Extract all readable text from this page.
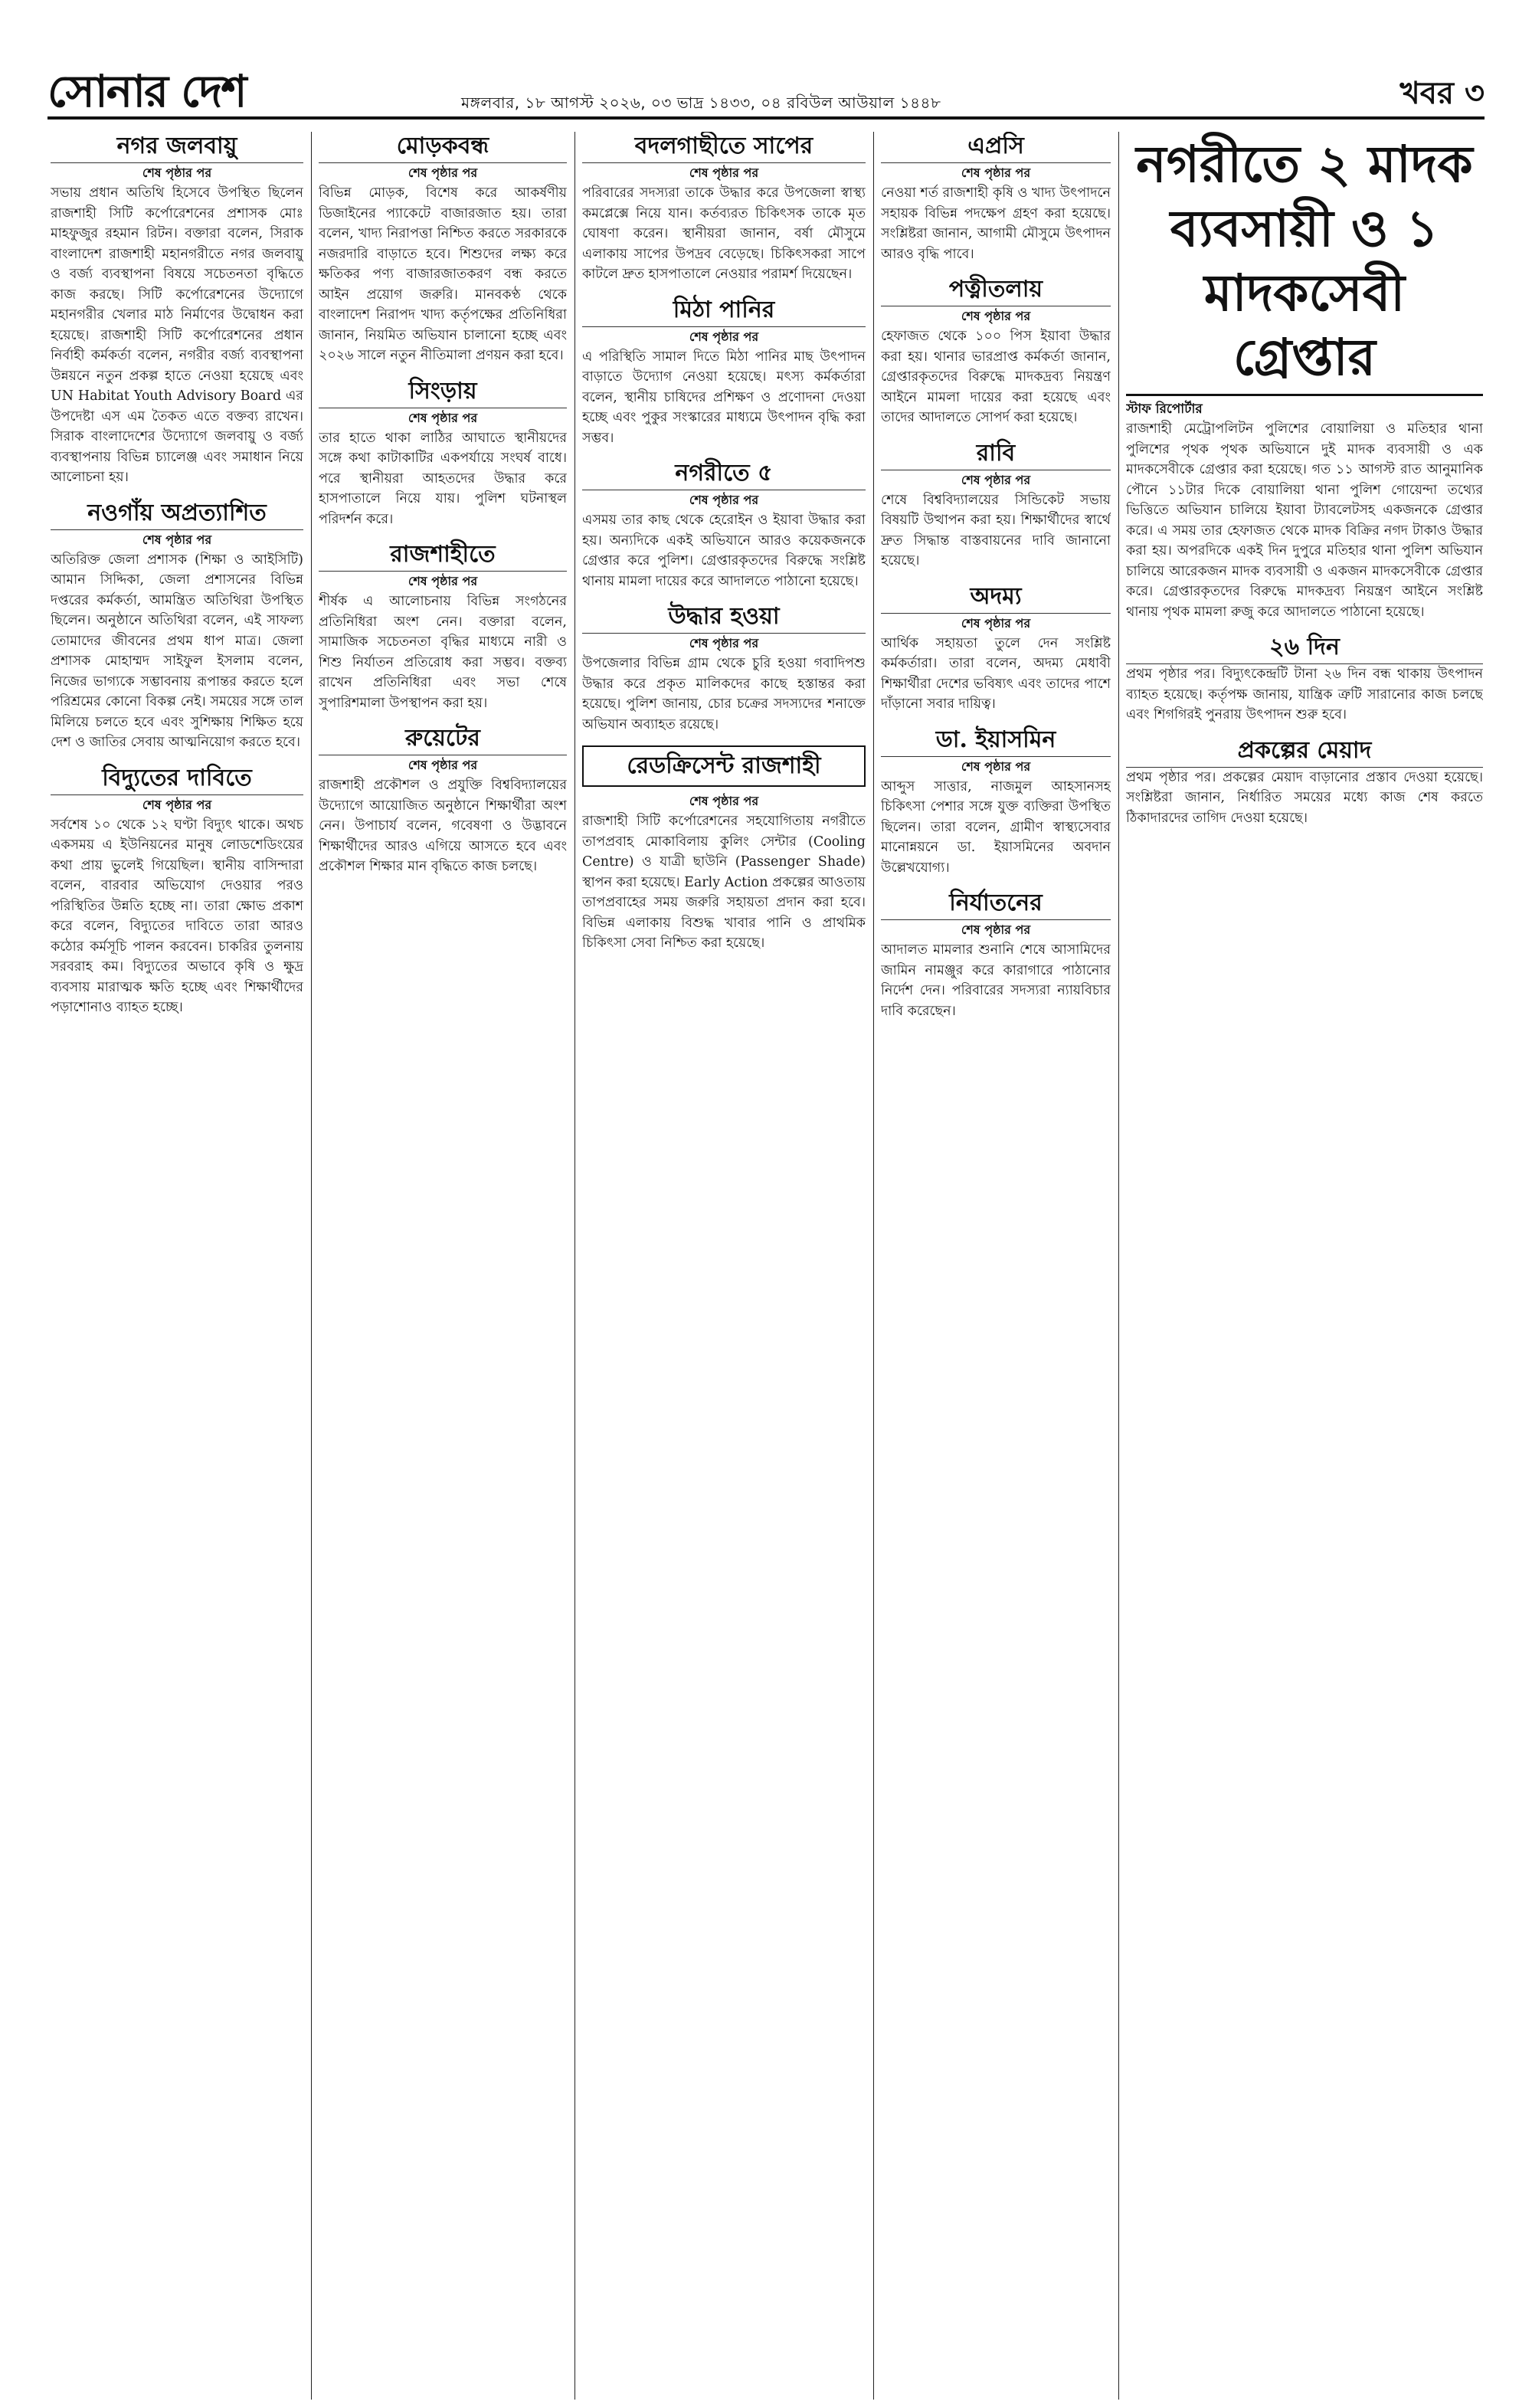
সোনার দেশ	মঙ্গলবার, ১৮ আগস্ট ২০২৬, ০৩ ভাদ্র ১৪৩৩, ০৪ রবিউল আউয়াল ১৪৪৮	খবর ৩
নগর জলবায়ু
শেষ পৃষ্ঠার পর
সভায় প্রধান অতিথি হিসেবে উপস্থিত ছিলেন রাজশাহী সিটি কর্পোরেশনের প্রশাসক মোঃ মাহফুজুর রহমান রিটন। বক্তারা বলেন, সিরাক বাংলাদেশ রাজশাহী মহানগরীতে নগর জলবায়ু ও বর্জ্য ব্যবস্থাপনা বিষয়ে সচেতনতা বৃদ্ধিতে কাজ করছে। সিটি কর্পোরেশনের উদ্যোগে মহানগরীর খেলার মাঠ নির্মাণের উদ্বোধন করা হয়েছে। রাজশাহী সিটি কর্পোরেশনের প্রধান নির্বাহী কর্মকর্তা বলেন, নগরীর বর্জ্য ব্যবস্থাপনা উন্নয়নে নতুন প্রকল্প হাতে নেওয়া হয়েছে এবং UN Habitat Youth Advisory Board এর উপদেষ্টা এস এম তৈকত এতে বক্তব্য রাখেন। সিরাক বাংলাদেশের উদ্যোগে জলবায়ু ও বর্জ্য ব্যবস্থাপনায় বিভিন্ন চ্যালেঞ্জ এবং সমাধান নিয়ে আলোচনা হয়।
নওগাঁয় অপ্রত্যাশিত
শেষ পৃষ্ঠার পর
অতিরিক্ত জেলা প্রশাসক (শিক্ষা ও আইসিটি) আমান সিদ্দিকা, জেলা প্রশাসনের বিভিন্ন দপ্তরের কর্মকর্তা, আমন্ত্রিত অতিথিরা উপস্থিত ছিলেন। অনুষ্ঠানে অতিথিরা বলেন, এই সাফল্য তোমাদের জীবনের প্রথম ধাপ মাত্র। জেলা প্রশাসক মোহাম্মদ সাইফুল ইসলাম বলেন, নিজের ভাগ্যকে সম্ভাবনায় রূপান্তর করতে হলে পরিশ্রমের কোনো বিকল্প নেই। সময়ের সঙ্গে তাল মিলিয়ে চলতে হবে এবং সুশিক্ষায় শিক্ষিত হয়ে দেশ ও জাতির সেবায় আত্মনিয়োগ করতে হবে।
বিদ্যুতের দাবিতে
শেষ পৃষ্ঠার পর
সর্বশেষ ১০ থেকে ১২ ঘণ্টা বিদ্যুৎ থাকে। অথচ একসময় এ ইউনিয়নের মানুষ লোডশেডিংয়ের কথা প্রায় ভুলেই গিয়েছিল। স্থানীয় বাসিন্দারা বলেন, বারবার অভিযোগ দেওয়ার পরও পরিস্থিতির উন্নতি হচ্ছে না। তারা ক্ষোভ প্রকাশ করে বলেন, বিদ্যুতের দাবিতে তারা আরও কঠোর কর্মসূচি পালন করবেন। চাকরির তুলনায় সরবরাহ কম। বিদ্যুতের অভাবে কৃষি ও ক্ষুদ্র ব্যবসায় মারাত্মক ক্ষতি হচ্ছে এবং শিক্ষার্থীদের পড়াশোনাও ব্যাহত হচ্ছে।
মোড়কবন্ধ
শেষ পৃষ্ঠার পর
বিভিন্ন মোড়ক, বিশেষ করে আকর্ষণীয় ডিজাইনের প্যাকেটে বাজারজাত হয়। তারা বলেন, খাদ্য নিরাপত্তা নিশ্চিত করতে সরকারকে নজরদারি বাড়াতে হবে। শিশুদের লক্ষ্য করে ক্ষতিকর পণ্য বাজারজাতকরণ বন্ধ করতে আইন প্রয়োগ জরুরি। মানবকণ্ঠ থেকে বাংলাদেশ নিরাপদ খাদ্য কর্তৃপক্ষের প্রতিনিধিরা জানান, নিয়মিত অভিযান চালানো হচ্ছে এবং ২০২৬ সালে নতুন নীতিমালা প্রণয়ন করা হবে।
সিংড়ায়
শেষ পৃষ্ঠার পর
তার হাতে থাকা লাঠির আঘাতে স্থানীয়দের সঙ্গে কথা কাটাকাটির একপর্যায়ে সংঘর্ষ বাধে। পরে স্থানীয়রা আহতদের উদ্ধার করে হাসপাতালে নিয়ে যায়। পুলিশ ঘটনাস্থল পরিদর্শন করে।
রাজশাহীতে
শেষ পৃষ্ঠার পর
শীর্ষক এ আলোচনায় বিভিন্ন সংগঠনের প্রতিনিধিরা অংশ নেন। বক্তারা বলেন, সামাজিক সচেতনতা বৃদ্ধির মাধ্যমে নারী ও শিশু নির্যাতন প্রতিরোধ করা সম্ভব। বক্তব্য রাখেন প্রতিনিধিরা এবং সভা শেষে সুপারিশমালা উপস্থাপন করা হয়।
রুয়েটের
শেষ পৃষ্ঠার পর
রাজশাহী প্রকৌশল ও প্রযুক্তি বিশ্ববিদ্যালয়ের উদ্যোগে আয়োজিত অনুষ্ঠানে শিক্ষার্থীরা অংশ নেন। উপাচার্য বলেন, গবেষণা ও উদ্ভাবনে শিক্ষার্থীদের আরও এগিয়ে আসতে হবে এবং প্রকৌশল শিক্ষার মান বৃদ্ধিতে কাজ চলছে।
বদলগাছীতে সাপের
শেষ পৃষ্ঠার পর
পরিবারের সদস্যরা তাকে উদ্ধার করে উপজেলা স্বাস্থ্য কমপ্লেক্সে নিয়ে যান। কর্তব্যরত চিকিৎসক তাকে মৃত ঘোষণা করেন। স্থানীয়রা জানান, বর্ষা মৌসুমে এলাকায় সাপের উপদ্রব বেড়েছে। চিকিৎসকরা সাপে কাটলে দ্রুত হাসপাতালে নেওয়ার পরামর্শ দিয়েছেন।
মিঠা পানির
শেষ পৃষ্ঠার পর
এ পরিস্থিতি সামাল দিতে মিঠা পানির মাছ উৎপাদন বাড়াতে উদ্যোগ নেওয়া হয়েছে। মৎস্য কর্মকর্তারা বলেন, স্থানীয় চাষিদের প্রশিক্ষণ ও প্রণোদনা দেওয়া হচ্ছে এবং পুকুর সংস্কারের মাধ্যমে উৎপাদন বৃদ্ধি করা সম্ভব।
নগরীতে ৫
শেষ পৃষ্ঠার পর
এসময় তার কাছ থেকে হেরোইন ও ইয়াবা উদ্ধার করা হয়। অন্যদিকে একই অভিযানে আরও কয়েকজনকে গ্রেপ্তার করে পুলিশ। গ্রেপ্তারকৃতদের বিরুদ্ধে সংশ্লিষ্ট থানায় মামলা দায়ের করে আদালতে পাঠানো হয়েছে।
উদ্ধার হওয়া
শেষ পৃষ্ঠার পর
উপজেলার বিভিন্ন গ্রাম থেকে চুরি হওয়া গবাদিপশু উদ্ধার করে প্রকৃত মালিকদের কাছে হস্তান্তর করা হয়েছে। পুলিশ জানায়, চোর চক্রের সদস্যদের শনাক্তে অভিযান অব্যাহত রয়েছে।
রেডক্রিসেন্ট রাজশাহী
শেষ পৃষ্ঠার পর
রাজশাহী সিটি কর্পোরেশনের সহযোগিতায় নগরীতে তাপপ্রবাহ মোকাবিলায় কুলিং সেন্টার (Cooling Centre) ও যাত্রী ছাউনি (Passenger Shade) স্থাপন করা হয়েছে। Early Action প্রকল্পের আওতায় তাপপ্রবাহের সময় জরুরি সহায়তা প্রদান করা হবে। বিভিন্ন এলাকায় বিশুদ্ধ খাবার পানি ও প্রাথমিক চিকিৎসা সেবা নিশ্চিত করা হয়েছে।
এপ্রসি
শেষ পৃষ্ঠার পর
নেওয়া শর্ত রাজশাহী কৃষি ও খাদ্য উৎপাদনে সহায়ক বিভিন্ন পদক্ষেপ গ্রহণ করা হয়েছে। সংশ্লিষ্টরা জানান, আগামী মৌসুমে উৎপাদন আরও বৃদ্ধি পাবে।
পত্নীতলায়
শেষ পৃষ্ঠার পর
হেফাজত থেকে ১০০ পিস ইয়াবা উদ্ধার করা হয়। থানার ভারপ্রাপ্ত কর্মকর্তা জানান, গ্রেপ্তারকৃতদের বিরুদ্ধে মাদকদ্রব্য নিয়ন্ত্রণ আইনে মামলা দায়ের করা হয়েছে এবং তাদের আদালতে সোপর্দ করা হয়েছে।
রাবি
শেষ পৃষ্ঠার পর
শেষে বিশ্ববিদ্যালয়ের সিন্ডিকেট সভায় বিষয়টি উত্থাপন করা হয়। শিক্ষার্থীদের স্বার্থে দ্রুত সিদ্ধান্ত বাস্তবায়নের দাবি জানানো হয়েছে।
অদম্য
শেষ পৃষ্ঠার পর
আর্থিক সহায়তা তুলে দেন সংশ্লিষ্ট কর্মকর্তারা। তারা বলেন, অদম্য মেধাবী শিক্ষার্থীরা দেশের ভবিষ্যৎ এবং তাদের পাশে দাঁড়ানো সবার দায়িত্ব।
ডা. ইয়াসমিন
শেষ পৃষ্ঠার পর
আব্দুস সাত্তার, নাজমুল আহসানসহ চিকিৎসা পেশার সঙ্গে যুক্ত ব্যক্তিরা উপস্থিত ছিলেন। তারা বলেন, গ্রামীণ স্বাস্থ্যসেবার মানোন্নয়নে ডা. ইয়াসমিনের অবদান উল্লেখযোগ্য।
নির্যাতনের
শেষ পৃষ্ঠার পর
আদালত মামলার শুনানি শেষে আসামিদের জামিন নামঞ্জুর করে কারাগারে পাঠানোর নির্দেশ দেন। পরিবারের সদস্যরা ন্যায়বিচার দাবি করেছেন।
নগরীতে ২ মাদক ব্যবসায়ী ও ১ মাদকসেবী গ্রেপ্তার
স্টাফ রিপোর্টার
রাজশাহী মেট্রোপলিটন পুলিশের বোয়ালিয়া ও মতিহার থানা পুলিশের পৃথক পৃথক অভিযানে দুই মাদক ব্যবসায়ী ও এক মাদকসেবীকে গ্রেপ্তার করা হয়েছে। গত ১১ আগস্ট রাত আনুমানিক পৌনে ১১টার দিকে বোয়ালিয়া থানা পুলিশ গোয়েন্দা তথ্যের ভিত্তিতে অভিযান চালিয়ে ইয়াবা ট্যাবলেটসহ একজনকে গ্রেপ্তার করে। এ সময় তার হেফাজত থেকে মাদক বিক্রির নগদ টাকাও উদ্ধার করা হয়। অপরদিকে একই দিন দুপুরে মতিহার থানা পুলিশ অভিযান চালিয়ে আরেকজন মাদক ব্যবসায়ী ও একজন মাদকসেবীকে গ্রেপ্তার করে। গ্রেপ্তারকৃতদের বিরুদ্ধে মাদকদ্রব্য নিয়ন্ত্রণ আইনে সংশ্লিষ্ট থানায় পৃথক মামলা রুজু করে আদালতে পাঠানো হয়েছে।
২৬ দিন
প্রথম পৃষ্ঠার পর। বিদ্যুৎকেন্দ্রটি টানা ২৬ দিন বন্ধ থাকায় উৎপাদন ব্যাহত হয়েছে। কর্তৃপক্ষ জানায়, যান্ত্রিক ত্রুটি সারানোর কাজ চলছে এবং শিগগিরই পুনরায় উৎপাদন শুরু হবে।
প্রকল্পের মেয়াদ
প্রথম পৃষ্ঠার পর। প্রকল্পের মেয়াদ বাড়ানোর প্রস্তাব দেওয়া হয়েছে। সংশ্লিষ্টরা জানান, নির্ধারিত সময়ের মধ্যে কাজ শেষ করতে ঠিকাদারদের তাগিদ দেওয়া হয়েছে।
